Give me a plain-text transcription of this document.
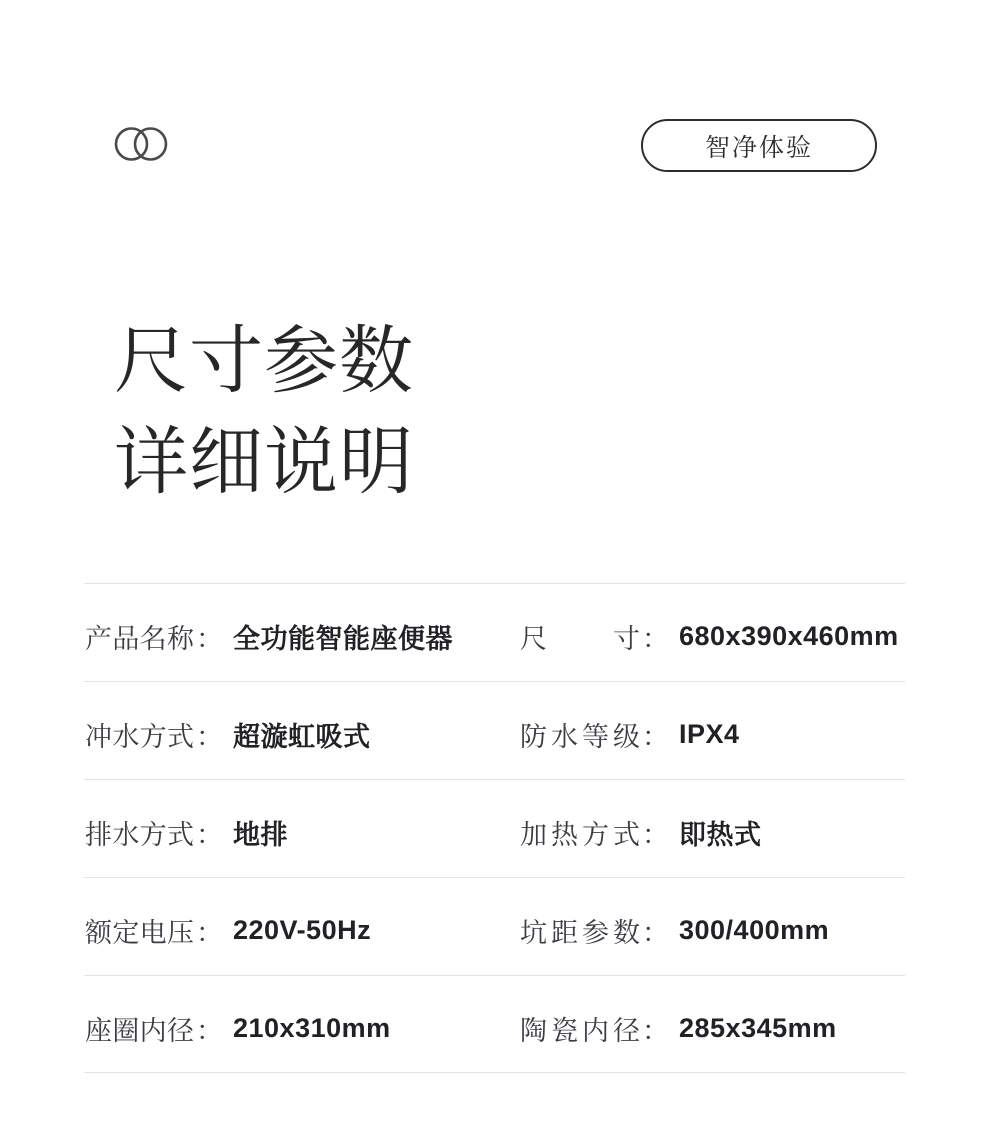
智净体验
尺寸参数
详细说明
产品名称 ： 全功能智能座便器 尺寸 ： 680x390x460mm
冲水方式 ： 超漩虹吸式	防水等级 ： IPX4
排水方式 ： 地排	加热方式 ： 即热式
额定电压 ： 220V-50Hz	坑距参数 ： 300/400mm
座圈内径 ： 210x310mm	陶瓷内径 ： 285x345mm
